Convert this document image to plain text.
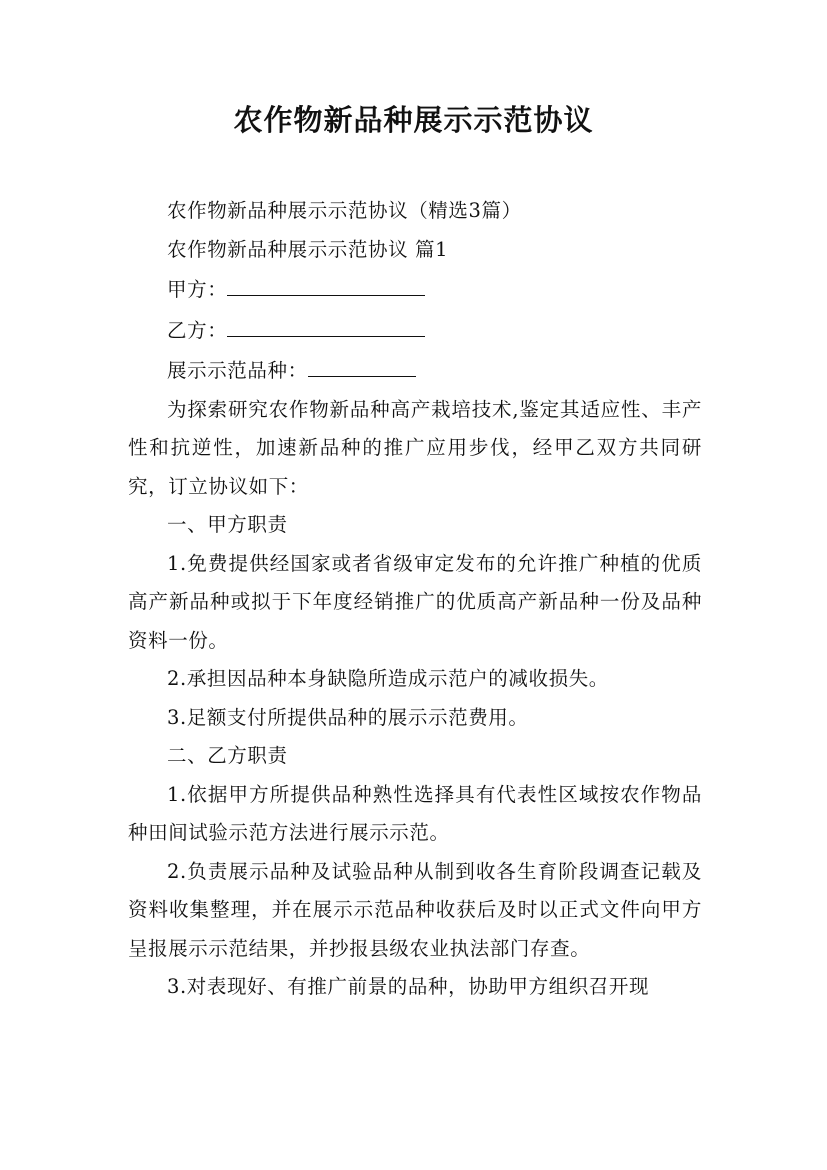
农作物新品种展示示范协议

农作物新品种展示示范协议（精选3篇）

农作物新品种展示示范协议 篇1

甲方：

乙方：

展示示范品种：

为探索研究农作物新品种高产栽培技术,鉴定其适应性、丰产性和抗逆性，加速新品种的推广应用步伐，经甲乙双方共同研究，订立协议如下：

一、甲方职责

1.免费提供经国家或者省级审定发布的允许推广种植的优质高产新品种或拟于下年度经销推广的优质高产新品种一份及品种资料一份。

2.承担因品种本身缺隐所造成示范户的减收损失。

3.足额支付所提供品种的展示示范费用。

二、乙方职责

1.依据甲方所提供品种熟性选择具有代表性区域按农作物品种田间试验示范方法进行展示示范。

2.负责展示品种及试验品种从制到收各生育阶段调查记载及资料收集整理，并在展示示范品种收获后及时以正式文件向甲方呈报展示示范结果，并抄报县级农业执法部门存查。

3.对表现好、有推广前景的品种，协助甲方组织召开现
